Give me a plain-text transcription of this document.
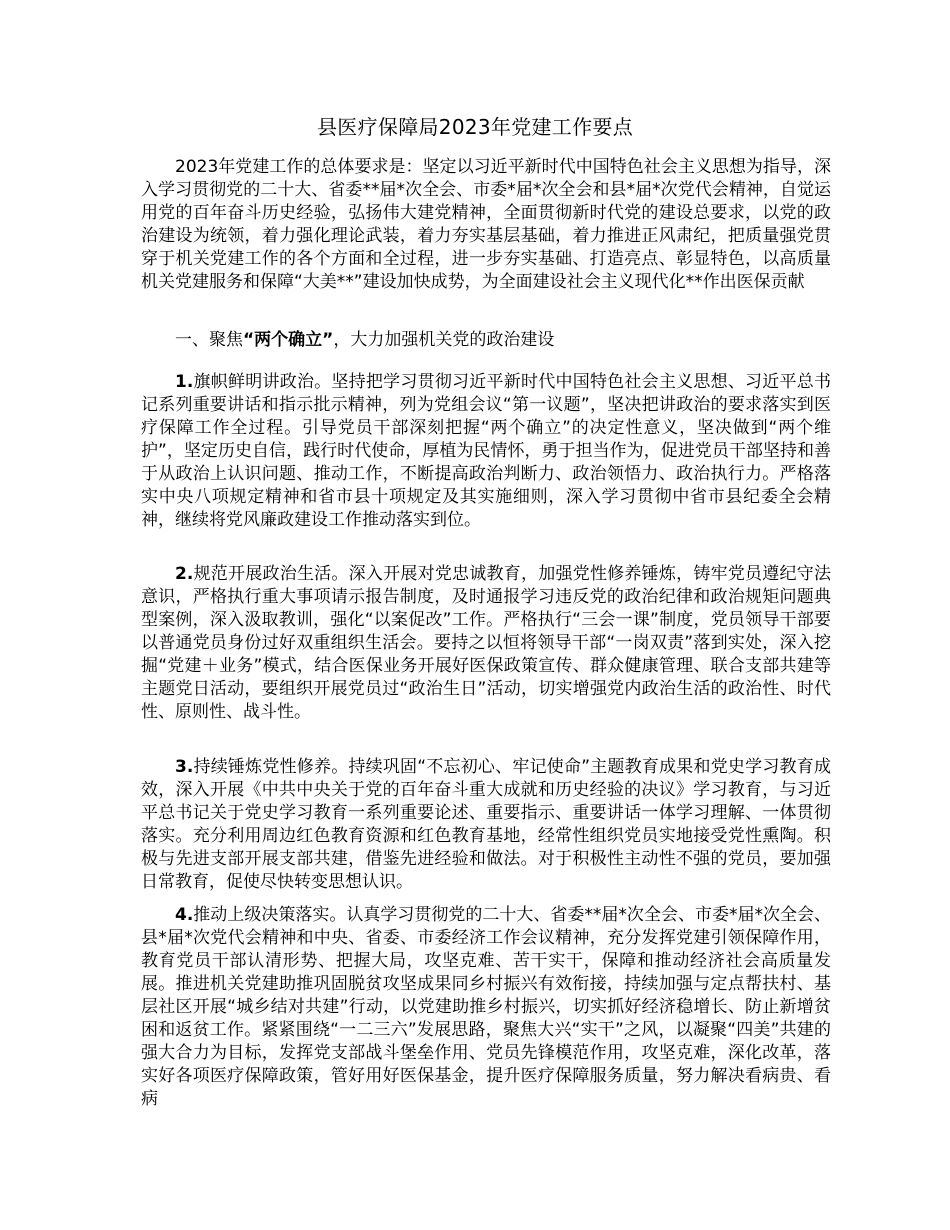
县医疗保障局2023年党建工作要点

2023年党建工作的总体要求是：坚定以习近平新时代中国特色社会主义思想为指导，深入学习贯彻党的二十大、省委**届*次全会、市委*届*次全会和县*届*次党代会精神，自觉运用党的百年奋斗历史经验，弘扬伟大建党精神，全面贯彻新时代党的建设总要求，以党的政治建设为统领，着力强化理论武装，着力夯实基层基础，着力推进正风肃纪，把质量强党贯穿于机关党建工作的各个方面和全过程，进一步夯实基础、打造亮点、彰显特色，以高质量机关党建服务和保障“大美**”建设加快成势，为全面建设社会主义现代化**作出医保贡献

一、聚焦“两个确立”，大力加强机关党的政治建设

1.旗帜鲜明讲政治。坚持把学习贯彻习近平新时代中国特色社会主义思想、习近平总书记系列重要讲话和指示批示精神，列为党组会议“第一议题”，坚决把讲政治的要求落实到医疗保障工作全过程。引导党员干部深刻把握“两个确立”的决定性意义，坚决做到“两个维护”，坚定历史自信，践行时代使命，厚植为民情怀，勇于担当作为，促进党员干部坚持和善于从政治上认识问题、推动工作，不断提高政治判断力、政治领悟力、政治执行力。严格落实中央八项规定精神和省市县十项规定及其实施细则，深入学习贯彻中省市县纪委全会精神，继续将党风廉政建设工作推动落实到位。

2.规范开展政治生活。深入开展对党忠诚教育，加强党性修养锤炼，铸牢党员遵纪守法意识，严格执行重大事项请示报告制度，及时通报学习违反党的政治纪律和政治规矩问题典型案例，深入汲取教训，强化“以案促改”工作。严格执行“三会一课”制度，党员领导干部要以普通党员身份过好双重组织生活会。要持之以恒将领导干部“一岗双责”落到实处，深入挖掘“党建＋业务”模式，结合医保业务开展好医保政策宣传、群众健康管理、联合支部共建等主题党日活动，要组织开展党员过“政治生日”活动，切实增强党内政治生活的政治性、时代性、原则性、战斗性。

3.持续锤炼党性修养。持续巩固“不忘初心、牢记使命”主题教育成果和党史学习教育成效，深入开展《中共中央关于党的百年奋斗重大成就和历史经验的决议》学习教育，与习近平总书记关于党史学习教育一系列重要论述、重要指示、重要讲话一体学习理解、一体贯彻落实。充分利用周边红色教育资源和红色教育基地，经常性组织党员实地接受党性熏陶。积极与先进支部开展支部共建，借鉴先进经验和做法。对于积极性主动性不强的党员，要加强日常教育，促使尽快转变思想认识。

4.推动上级决策落实。认真学习贯彻党的二十大、省委**届*次全会、市委*届*次全会、县*届*次党代会精神和中央、省委、市委经济工作会议精神，充分发挥党建引领保障作用，教育党员干部认清形势、把握大局，攻坚克难、苦干实干，保障和推动经济社会高质量发展。推进机关党建助推巩固脱贫攻坚成果同乡村振兴有效衔接，持续加强与定点帮扶村、基层社区开展“城乡结对共建”行动，以党建助推乡村振兴，切实抓好经济稳增长、防止新增贫困和返贫工作。紧紧围绕“一二三六”发展思路，聚焦大兴“实干”之风，以凝聚“四美”共建的强大合力为目标，发挥党支部战斗堡垒作用、党员先锋模范作用，攻坚克难，深化改革，落实好各项医疗保障政策，管好用好医保基金，提升医疗保障服务质量，努力解决看病贵、看病
